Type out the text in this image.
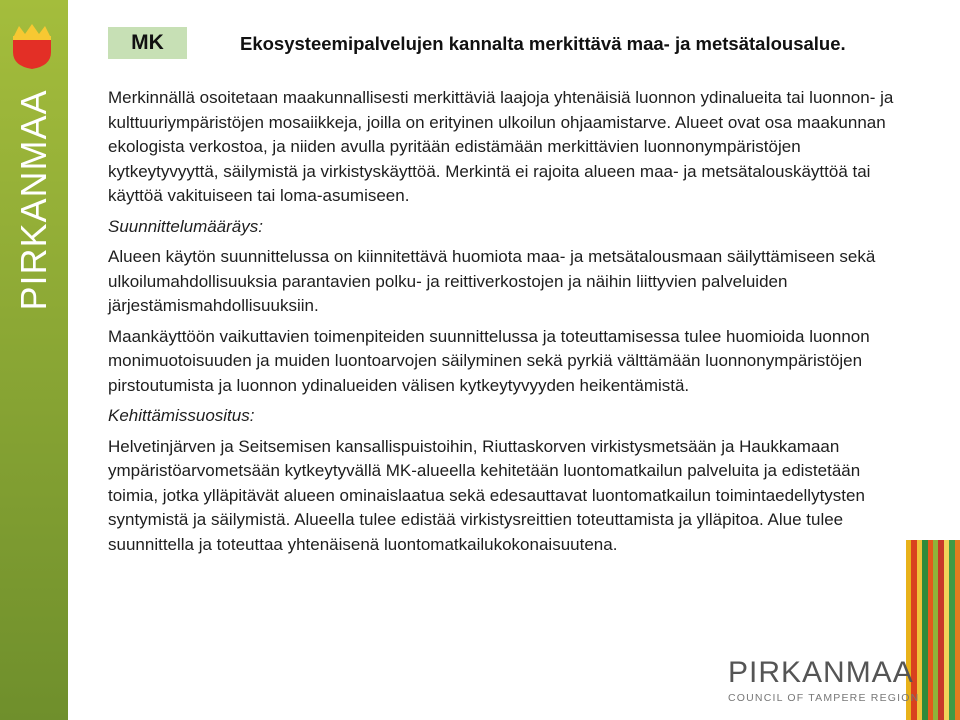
PIRKANMAA
MK	Ekosysteemipalvelujen kannalta merkittävä maa- ja metsätalousalue.

Merkinnällä osoitetaan maakunnallisesti merkittäviä laajoja yhtenäisiä luonnon ydinalueita tai luonnon- ja kulttuuriympäristöjen mosaiikkeja, joilla on erityinen ulkoilun ohjaamistarve. Alueet ovat osa maakunnan ekologista verkostoa, ja niiden avulla pyritään edistämään merkittävien luonnonympäristöjen kytkeytyvyyttä, säilymistä ja virkistyskäyttöä. Merkintä ei rajoita alueen maa- ja metsätalouskäyttöä tai käyttöä vakituiseen tai loma-asumiseen.

Suunnittelumääräys:

Alueen käytön suunnittelussa on kiinnitettävä huomiota maa- ja metsätalousmaan säilyttämiseen sekä ulkoilumahdollisuuksia parantavien polku- ja reittiverkostojen ja näihin liittyvien palveluiden järjestämismahdollisuuksiin.

Maankäyttöön vaikuttavien toimenpiteiden suunnittelussa ja toteuttamisessa tulee huomioida luonnon monimuotoisuuden ja muiden luontoarvojen säilyminen sekä pyrkiä välttämään luonnonympäristöjen pirstoutumista ja luonnon ydinalueiden välisen kytkeytyvyyden heikentämistä.

Kehittämissuositus:

Helvetinjärven ja Seitsemisen kansallispuistoihin, Riuttaskorven virkistysmetsään ja Haukkamaan ympäristöarvometsään kytkeytyvällä MK-alueella kehitetään luontomatkailun palveluita ja edistetään toimia, jotka ylläpitävät alueen ominaislaatua sekä edesauttavat luontomatkailun toimintaedellytysten syntymistä ja säilymistä. Alueella tulee edistää virkistysreittien toteuttamista ja ylläpitoa. Alue tulee suunnittella ja toteuttaa yhtenäisenä luontomatkailukokonaisuutena.

PIRKANMAA
COUNCIL OF TAMPERE REGION
